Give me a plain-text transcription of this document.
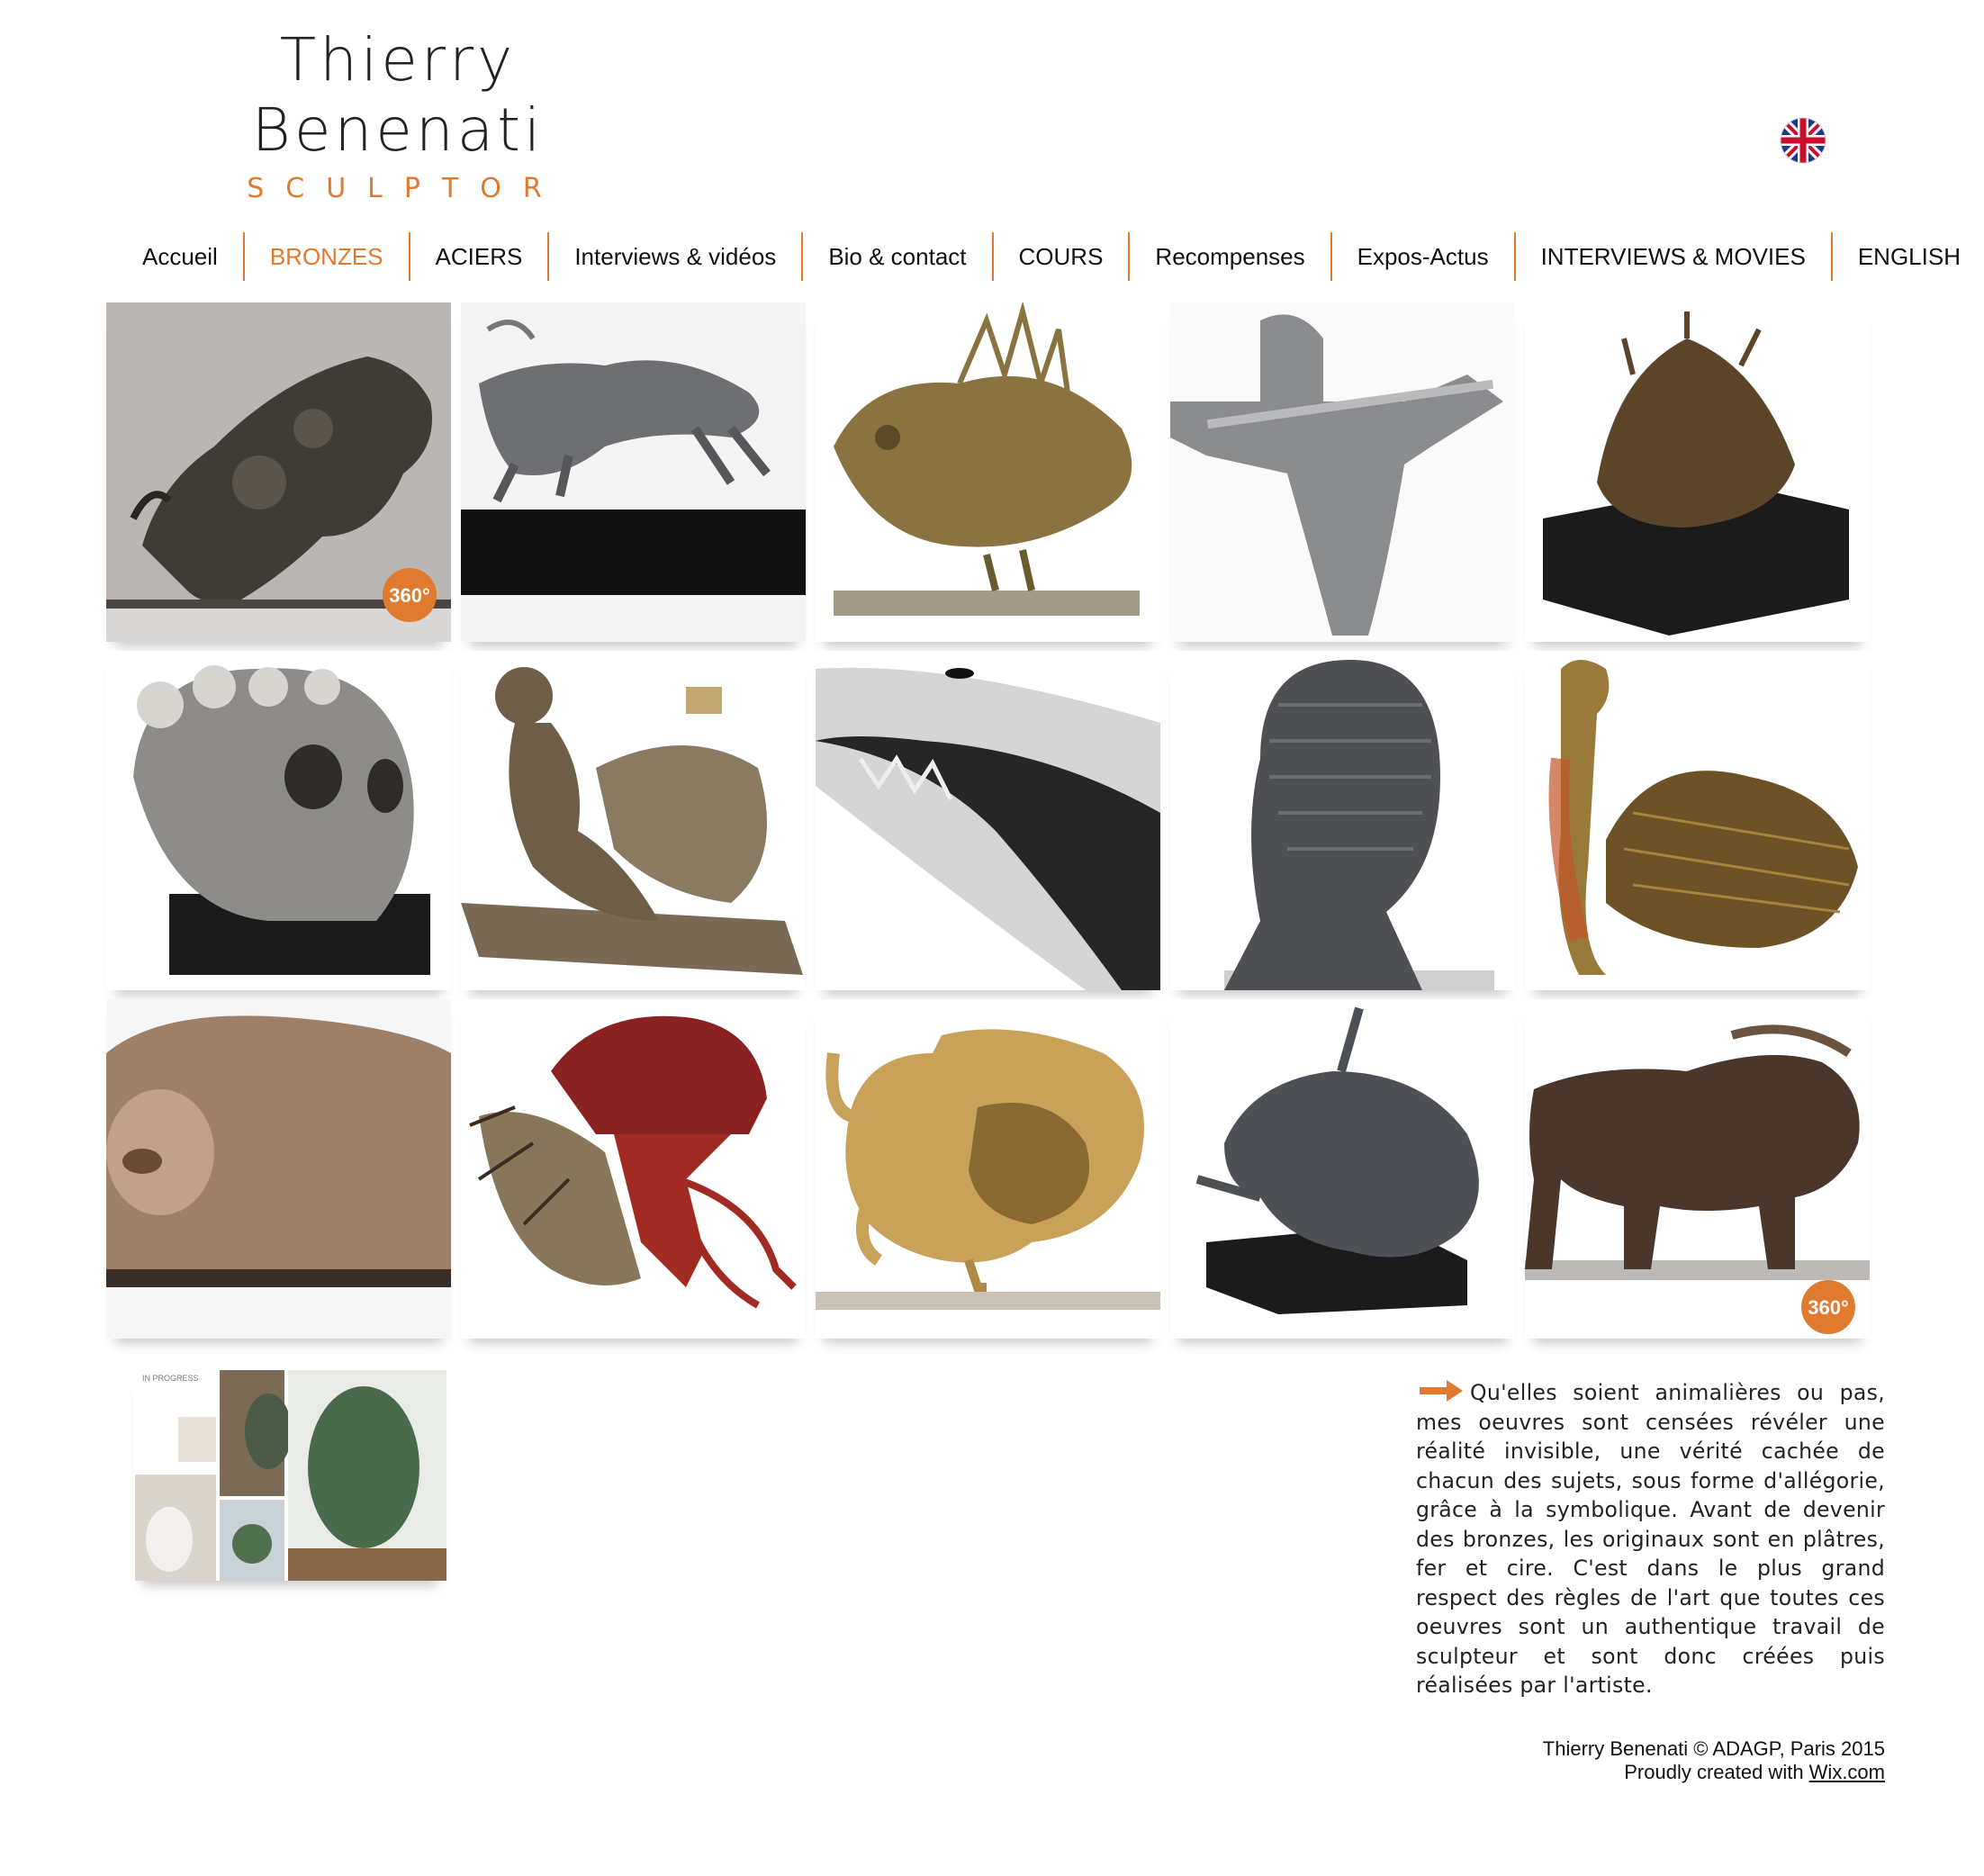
Thierry
Benenati
SCULPTOR
Accueil	BRONZES	ACIERS	Interviews & vidéos	Bio & contact	COURS	Recompenses	Expos-Actus	INTERVIEWS & MOVIES	ENGLISH
360°
360°
IN PROGRESS
Qu'elles soient animalières ou pas, mes oeuvres sont censées révéler une réalité invisible, une vérité cachée de chacun des sujets, sous forme d'allégorie, grâce à la symbolique. Avant de devenir des bronzes, les originaux sont en plâtres, fer et cire. C'est dans le plus grand respect des règles de l'art que toutes ces oeuvres sont un authentique travail de sculpteur et sont donc créées puis réalisées par l'artiste.
Thierry Benenati © ADAGP, Paris 2015
Proudly created with Wix.com
